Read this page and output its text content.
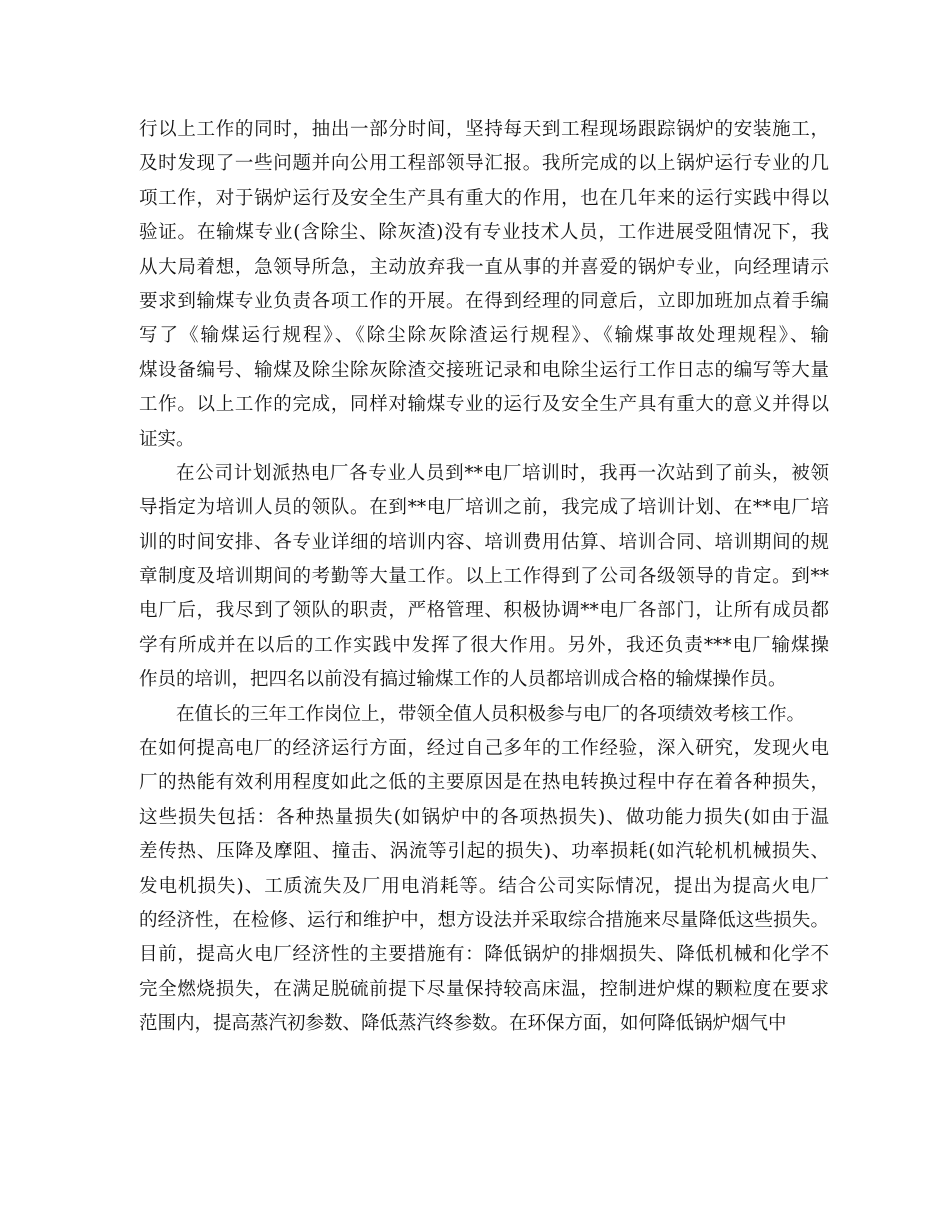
行以上工作的同时，抽出一部分时间，坚持每天到工程现场跟踪锅炉的安装施工，
及时发现了一些问题并向公用工程部领导汇报。我所完成的以上锅炉运行专业的几
项工作，对于锅炉运行及安全生产具有重大的作用，也在几年来的运行实践中得以
验证。在输煤专业(含除尘、除灰渣)没有专业技术人员，工作进展受阻情况下，我
从大局着想，急领导所急，主动放弃我一直从事的并喜爱的锅炉专业，向经理请示
要求到输煤专业负责各项工作的开展。在得到经理的同意后，立即加班加点着手编
写了《输煤运行规程》、《除尘除灰除渣运行规程》、《输煤事故处理规程》、输
煤设备编号、输煤及除尘除灰除渣交接班记录和电除尘运行工作日志的编写等大量
工作。以上工作的完成，同样对输煤专业的运行及安全生产具有重大的意义并得以
证实。
在公司计划派热电厂各专业人员到**电厂培训时，我再一次站到了前头，被领
导指定为培训人员的领队。在到**电厂培训之前，我完成了培训计划、在**电厂培
训的时间安排、各专业详细的培训内容、培训费用估算、培训合同、培训期间的规
章制度及培训期间的考勤等大量工作。以上工作得到了公司各级领导的肯定。到**
电厂后，我尽到了领队的职责，严格管理、积极协调**电厂各部门，让所有成员都
学有所成并在以后的工作实践中发挥了很大作用。另外，我还负责***电厂输煤操
作员的培训，把四名以前没有搞过输煤工作的人员都培训成合格的输煤操作员。
在值长的三年工作岗位上，带领全值人员积极参与电厂的各项绩效考核工作。
在如何提高电厂的经济运行方面，经过自己多年的工作经验，深入研究，发现火电
厂的热能有效利用程度如此之低的主要原因是在热电转换过程中存在着各种损失，
这些损失包括：各种热量损失(如锅炉中的各项热损失)、做功能力损失(如由于温
差传热、压降及摩阻、撞击、涡流等引起的损失)、功率损耗(如汽轮机机械损失、
发电机损失)、工质流失及厂用电消耗等。结合公司实际情况，提出为提高火电厂
的经济性，在检修、运行和维护中，想方设法并采取综合措施来尽量降低这些损失。
目前，提高火电厂经济性的主要措施有：降低锅炉的排烟损失、降低机械和化学不
完全燃烧损失，在满足脱硫前提下尽量保持较高床温，控制进炉煤的颗粒度在要求
范围内，提高蒸汽初参数、降低蒸汽终参数。在环保方面，如何降低锅炉烟气中
